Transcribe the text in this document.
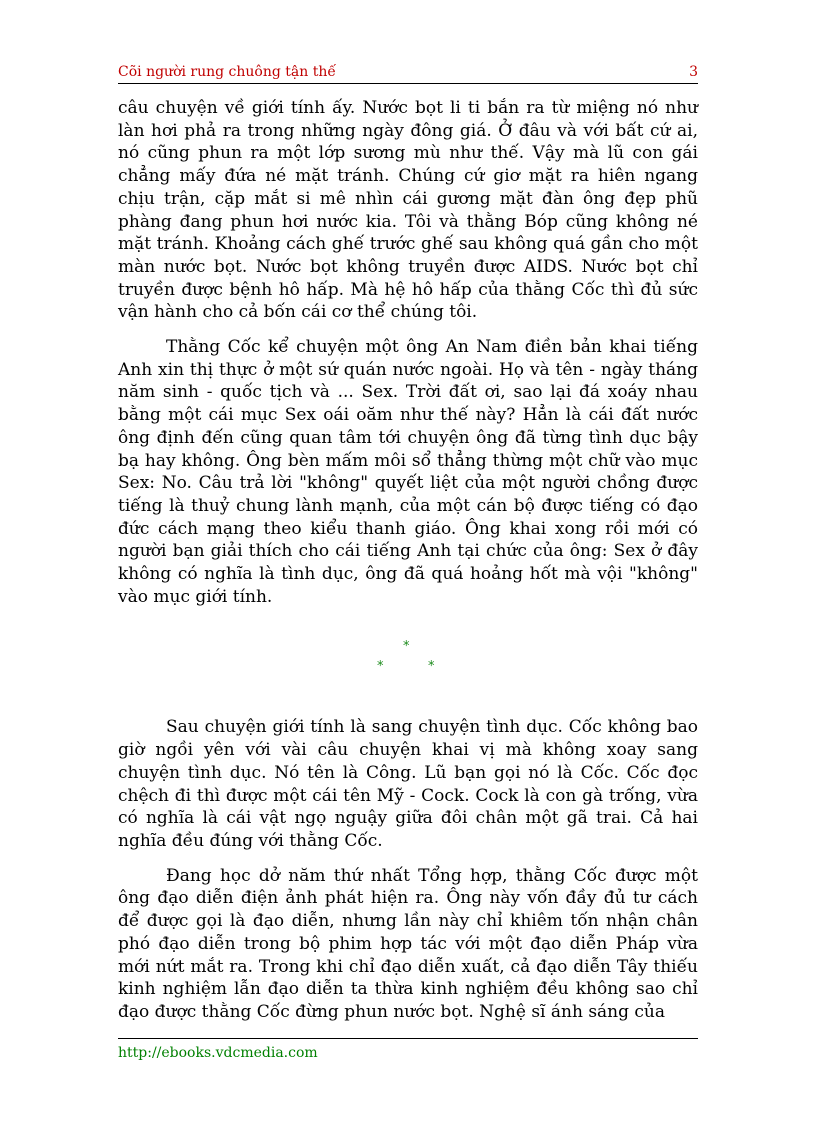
Cõi người rung chuông tận thế	3

câu chuyện về giới tính ấy. Nước bọt li ti bắn ra từ miệng nó như làn hơi phả ra trong những ngày đông giá. Ở đâu và với bất cứ ai, nó cũng phun ra một lớp sương mù như thế. Vậy mà lũ con gái chẳng mấy đứa né mặt tránh. Chúng cứ giơ mặt ra hiên ngang chịu trận, cặp mắt si mê nhìn cái gương mặt đàn ông đẹp phũ phàng đang phun hơi nước kia. Tôi và thằng Bóp cũng không né mặt tránh. Khoảng cách ghế trước ghế sau không quá gần cho một màn nước bọt. Nước bọt không truyền được AIDS. Nước bọt chỉ truyền được bệnh hô hấp. Mà hệ hô hấp của thằng Cốc thì đủ sức vận hành cho cả bốn cái cơ thể chúng tôi.

Thằng Cốc kể chuyện một ông An Nam điền bản khai tiếng Anh xin thị thực ở một sứ quán nước ngoài. Họ và tên - ngày tháng năm sinh - quốc tịch và ... Sex. Trời đất ơi, sao lại đá xoáy nhau bằng một cái mục Sex oái oăm như thế này? Hẳn là cái đất nước ông định đến cũng quan tâm tới chuyện ông đã từng tình dục bậy bạ hay không. Ông bèn mấm môi sổ thẳng thừng một chữ vào mục Sex: No. Câu trả lời "không" quyết liệt của một người chồng được tiếng là thuỷ chung lành mạnh, của một cán bộ được tiếng có đạo đức cách mạng theo kiểu thanh giáo. Ông khai xong rồi mới có người bạn giải thích cho cái tiếng Anh tại chức của ông: Sex ở đây không có nghĩa là tình dục, ông đã quá hoảng hốt mà vội "không" vào mục giới tính.

*
*	*

Sau chuyện giới tính là sang chuyện tình dục. Cốc không bao giờ ngồi yên với vài câu chuyện khai vị mà không xoay sang chuyện tình dục. Nó tên là Công. Lũ bạn gọi nó là Cốc. Cốc đọc chệch đi thì được một cái tên Mỹ - Cock. Cock là con gà trống, vừa có nghĩa là cái vật ngọ nguậy giữa đôi chân một gã trai. Cả hai nghĩa đều đúng với thằng Cốc.

Đang học dở năm thứ nhất Tổng hợp, thằng Cốc được một ông đạo diễn điện ảnh phát hiện ra. Ông này vốn đầy đủ tư cách để được gọi là đạo diễn, nhưng lần này chỉ khiêm tốn nhận chân phó đạo diễn trong bộ phim hợp tác với một đạo diễn Pháp vừa mới nứt mắt ra. Trong khi chỉ đạo diễn xuất, cả đạo diễn Tây thiếu kinh nghiệm lẫn đạo diễn ta thừa kinh nghiệm đều không sao chỉ đạo được thằng Cốc đừng phun nước bọt. Nghệ sĩ ánh sáng của

http://ebooks.vdcmedia.com
